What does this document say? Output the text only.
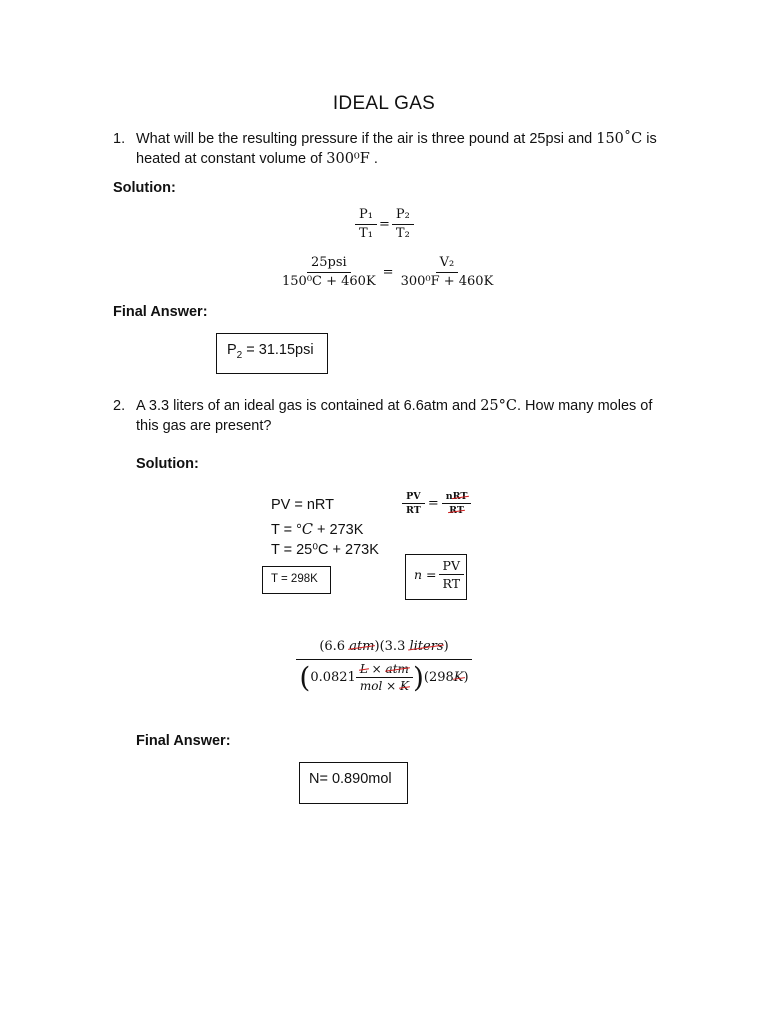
IDEAL GAS
1. What will be the resulting pressure if the air is three pound at 25psi and 150˚C is
heated at constant volume of 300⁰F .
Solution:
$\frac{\text{P₁}}{\text{T₁}} = \frac{\text{P₂}}{\text{T₂}}$
$\frac{\text{25psi}}{\text{150⁰C + 460K}} = \frac{\text{V₂}}{\text{300⁰F + 460K}}$
Final Answer:
$P_2 = 31.15psi$
2. A 3.3 liters of an ideal gas is contained at 6.6atm and 25°C. How many moles of
this gas are present?
Solution:
PV = nRT
T = °C + 273K
T = 25⁰C + 273K
T = 298K
$\frac{PV}{RT} = \frac{\text{nRT}}{RT}$
$n = \frac{PV}{RT}$
(6.6 atm)(3.3 liters)
( $0.0821 \frac{\text{L × atm}}{\text{mol × K}}$ ) (298K)
Final Answer:
N= 0.890mol
